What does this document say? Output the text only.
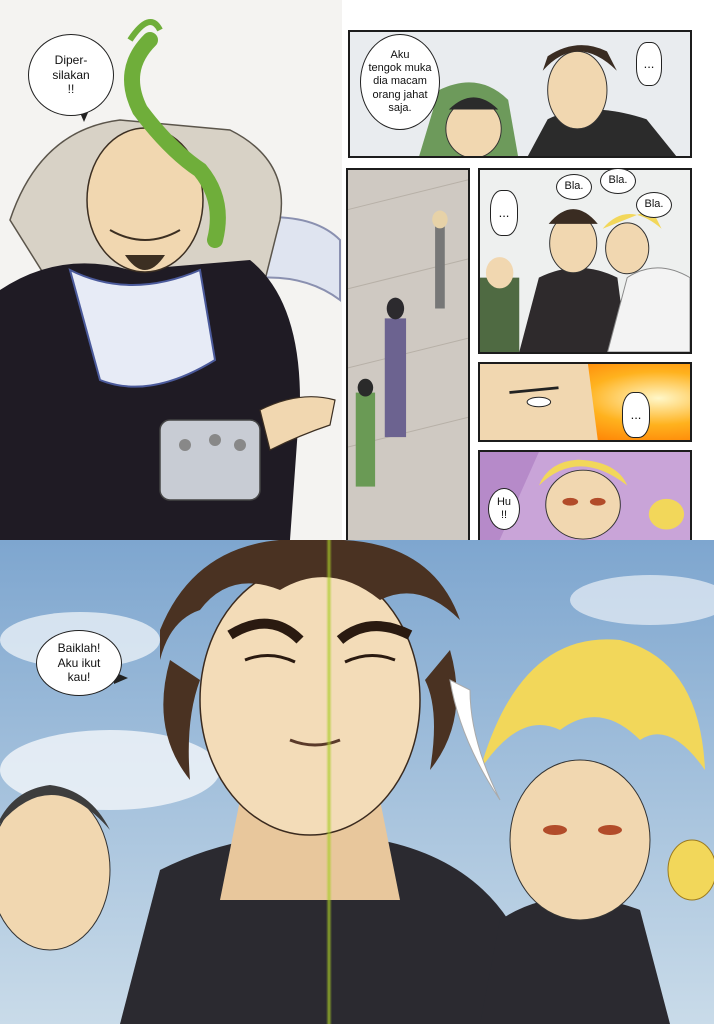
Diper-
silakan
!!
Aku
tengok muka
dia macam
orang jahat
saja.
...
Bla. Bla.
Bla.
...
...
Hu
!!
Baiklah!
Aku ikut
kau!
